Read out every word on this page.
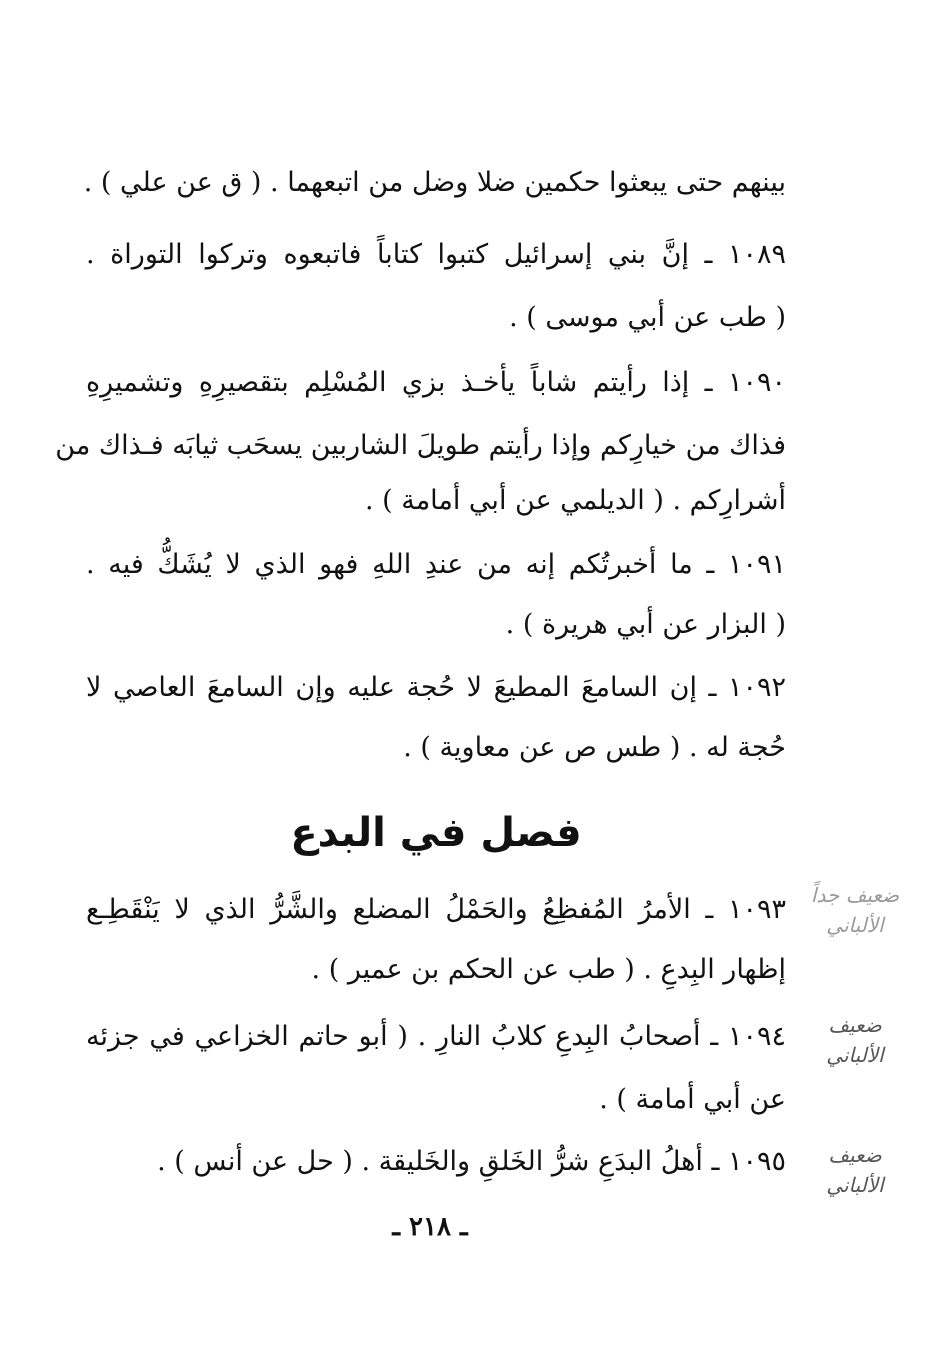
بينهم حتى يبعثوا حكمين ضلا وضل من اتبعهما . ( ق عن علي ) .
١٠٨٩ ـ إنَّ بني إسرائيل كتبوا كتاباً فاتبعوه وتركوا التوراة .
( طب عن أبي موسى ) .
١٠٩٠ ـ إذا رأيتم شاباً يأخـذ بزي المُسْلِم بتقصيرِهِ وتشميرِهِ
فذاك من خيارِكم وإذا رأيتم طويلَ الشاربين يسحَب ثيابَه فـذاك من
أشرارِكم . ( الديلمي عن أبي أمامة ) .
١٠٩١ ـ ما أخبرتُكم إنه من عندِ اللهِ فهو الذي لا يُشَكُّ فيه .
( البزار عن أبي هريرة ) .
١٠٩٢ ـ إن السامعَ المطيعَ لا حُجة عليه وإن السامعَ العاصي لا
حُجة له . ( طس ص عن معاوية ) .
١٠٩٣ ـ الأمرُ المُفظِعُ والحَمْلُ المضلع والشَّرُّ الذي لا يَنْقَطِـع
إظهار البِدعِ . ( طب عن الحكم بن عمير ) .
١٠٩٤ ـ أصحابُ البِدعِ كلابُ النارِ . ( أبو حاتم الخزاعي في جزئه
عن أبي أمامة ) .
١٠٩٥ ـ أهلُ البدَعِ شرُّ الخَلقِ والخَليقة . ( حل عن أنس ) .
فصل في البدع
ضعيف جداً
الألباني
ضعيف
الألباني
ضعيف
الألباني
ـ ٢١٨ ـ
